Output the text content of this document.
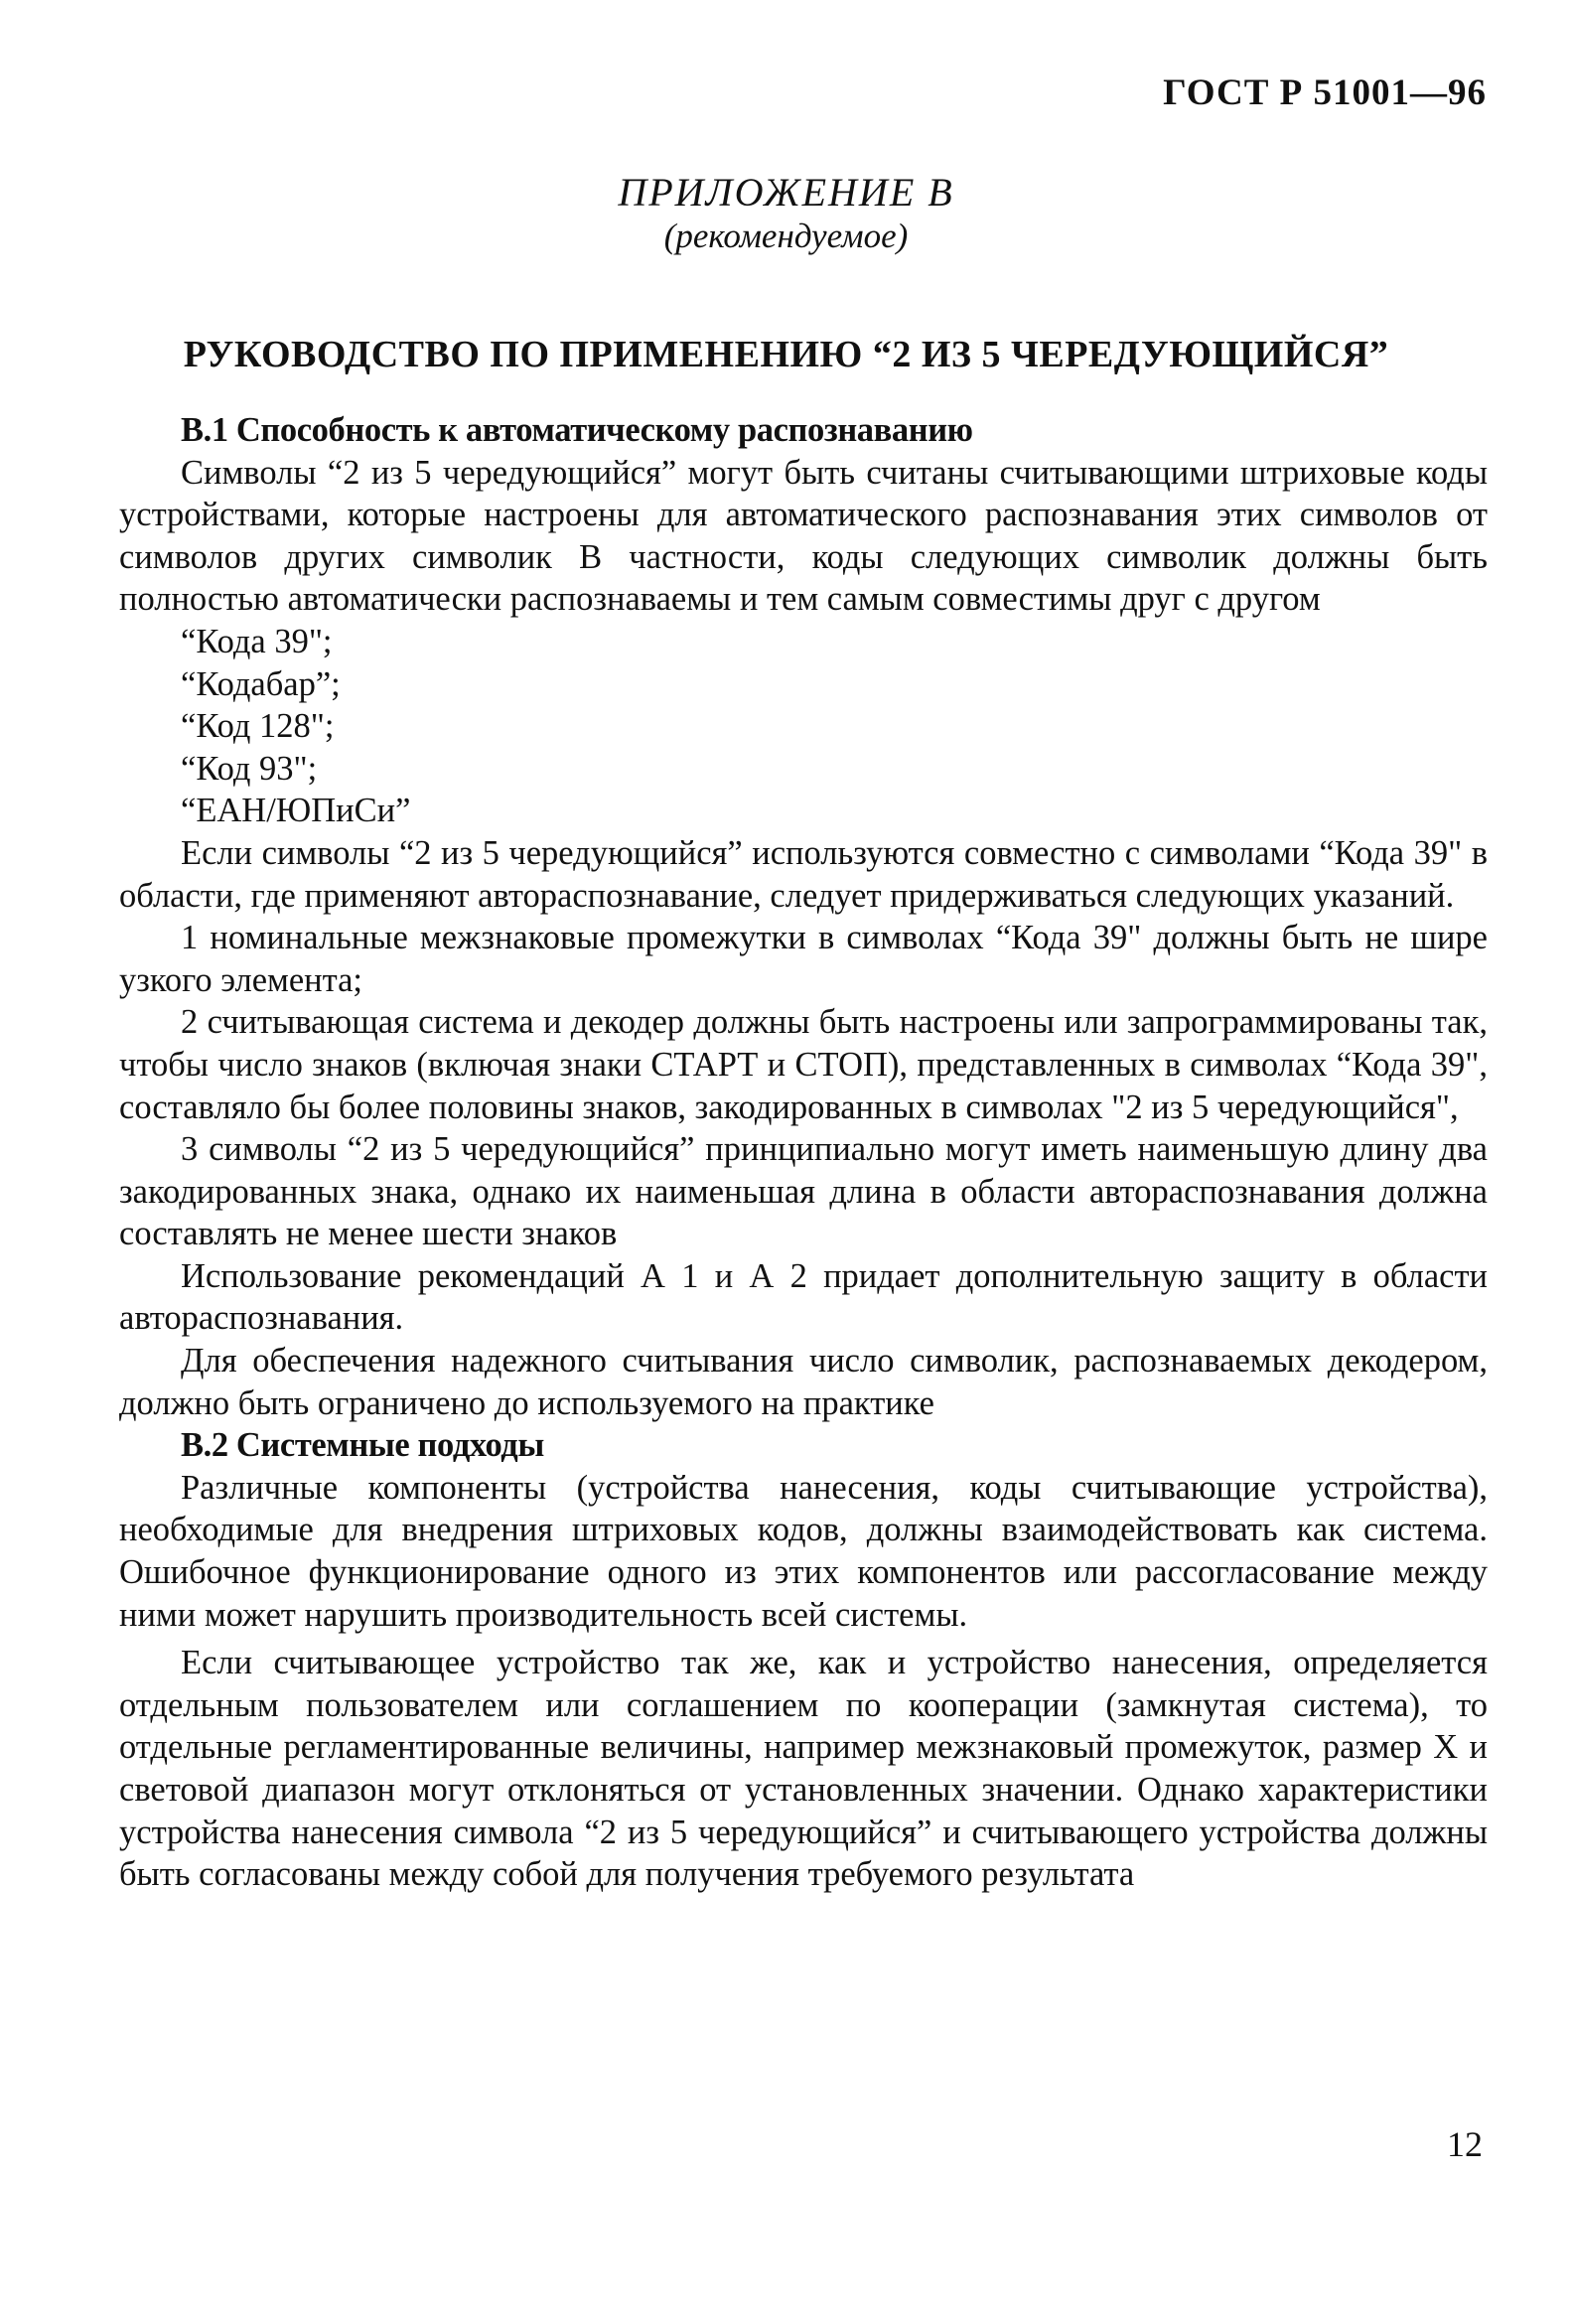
ГОСТ Р 51001—96
ПРИЛОЖЕНИЕ В
(рекомендуемое)
РУКОВОДСТВО ПО ПРИМЕНЕНИЮ “2 ИЗ 5 ЧЕРЕДУЮЩИЙСЯ”

В.1 Способность к автоматическому распознаванию

Символы “2 из 5 чередующийся” могут быть считаны считывающими штриховые коды устройствами, которые настроены для автоматического распознавания этих символов от символов других символик В частности, коды следующих символик должны быть полностью автоматически распознаваемы и тем самым совместимы друг с другом

“Кода 39";

“Кодабар”;

“Код 128";

“Код 93";

“ЕАН/ЮПиСи”

Если символы “2 из 5 чередующийся” используются совместно с символами “Кода 39" в области, где применяют автораспознавание, следует придерживаться следующих указаний.

1 номинальные межзнаковые промежутки в символах “Кода 39" должны быть не шире узкого элемента;

2 считывающая система и декодер должны быть настроены или запрограммированы так, чтобы число знаков (включая знаки СТАРТ и СТОП), представленных в символах “Кода 39", составляло бы более половины знаков, закодированных в символах "2 из 5 чередующийся",

3 символы “2 из 5 чередующийся” принципиально могут иметь наименьшую длину два закодированных знака, однако их наименьшая длина в области автораспознавания должна составлять не менее шести знаков

Использование рекомендаций А 1 и А 2 придает дополнительную защиту в области автораспознавания.

Для обеспечения надежного считывания число символик, распознаваемых декодером, должно быть ограничено до используемого на практике

В.2 Системные подходы

Различные компоненты (устройства нанесения, коды считывающие устройства), необходимые для внедрения штриховых кодов, должны взаимодействовать как система. Ошибочное функционирование одного из этих компонентов или рассогласование между ними может нарушить производительность всей системы.

Если считывающее устройство так же, как и устройство нанесения, определяется отдельным пользователем или соглашением по кооперации (замкнутая система), то отдельные регламентированные величины, например межзнаковый промежуток, размер X и световой диапазон могут отклоняться от установленных значении. Однако характеристики устройства нанесения символа “2 из 5 чередующийся” и считывающего устройства должны быть согласованы между собой для получения требуемого результата

12
